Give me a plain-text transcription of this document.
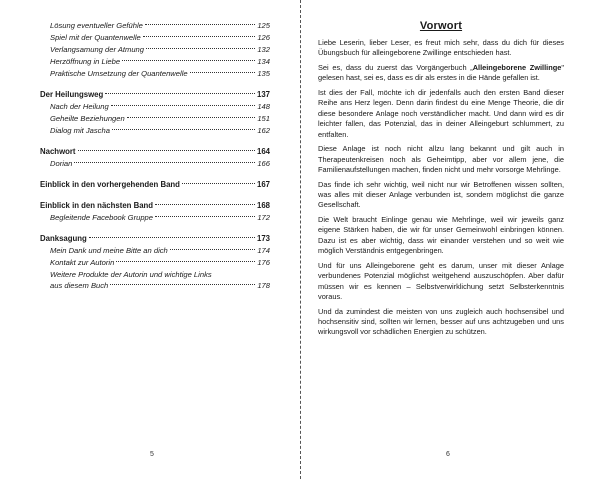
Lösung eventueller Gefühle	125
Spiel mit der Quantenwelle	126
Verlangsamung der Atmung	132
Herzöffnung in Liebe	134
Praktische Umsetzung der Quantenwelle	135
Der Heilungsweg	137
Nach der Heilung	148
Geheilte Beziehungen	151
Dialog mit Jascha	162
Nachwort	164
Dorian	166
Einblick in den vorhergehenden Band	167
Einblick in den nächsten Band	168
Begleitende Facebook Gruppe	172
Danksagung	173
Mein Dank und meine Bitte an dich	174
Kontakt zur Autorin	176
Weitere Produkte der Autorin und wichtige Links
aus diesem Buch	178
Vorwort

Liebe Leserin, lieber Leser, es freut mich sehr, dass du dich für dieses Übungsbuch für alleingeborene Zwillinge entschieden hast.

Sei es, dass du zuerst das Vorgängerbuch „Alleingeborene Zwillinge" gelesen hast, sei es, dass es dir als erstes in die Hände gefallen ist.

Ist dies der Fall, möchte ich dir jedenfalls auch den ersten Band dieser Reihe ans Herz legen. Denn darin findest du eine Menge Theorie, die dir diese besondere Anlage noch verständlicher macht. Und dann wird es dir leichter fallen, das Potenzial, das in deiner Alleingeburt schlummert, zu entfalten.

Diese Anlage ist noch nicht allzu lang bekannt und gilt auch in Therapeutenkreisen noch als Geheimtipp, aber vor allem jene, die Familienaufstellungen machen, finden nicht und mehr vorsorge Mehrlinge.

Das finde ich sehr wichtig, weil nicht nur wir Betroffenen wissen sollten, was alles mit dieser Anlage verbunden ist, sondern möglichst die ganze Gesellschaft.

Die Welt braucht Einlinge genau wie Mehrlinge, weil wir jeweils ganz eigene Stärken haben, die wir für unser Gemeinwohl einbringen können. Dazu ist es aber wichtig, dass wir einander verstehen und so weit wie möglich Verständnis entgegenbringen.

Und für uns Alleingeborene geht es darum, unser mit dieser Anlage verbundenes Potenzial möglichst weitgehend auszuschöpfen. Aber dafür müssen wir es kennen – Selbstverwirklichung setzt Selbsterkenntnis voraus.

Und da zumindest die meisten von uns zugleich auch hochsensibel und hochsensitiv sind, sollten wir lernen, besser auf uns achtzugeben und uns wirkungsvoll vor schädlichen Energien zu schützen.

5	6
